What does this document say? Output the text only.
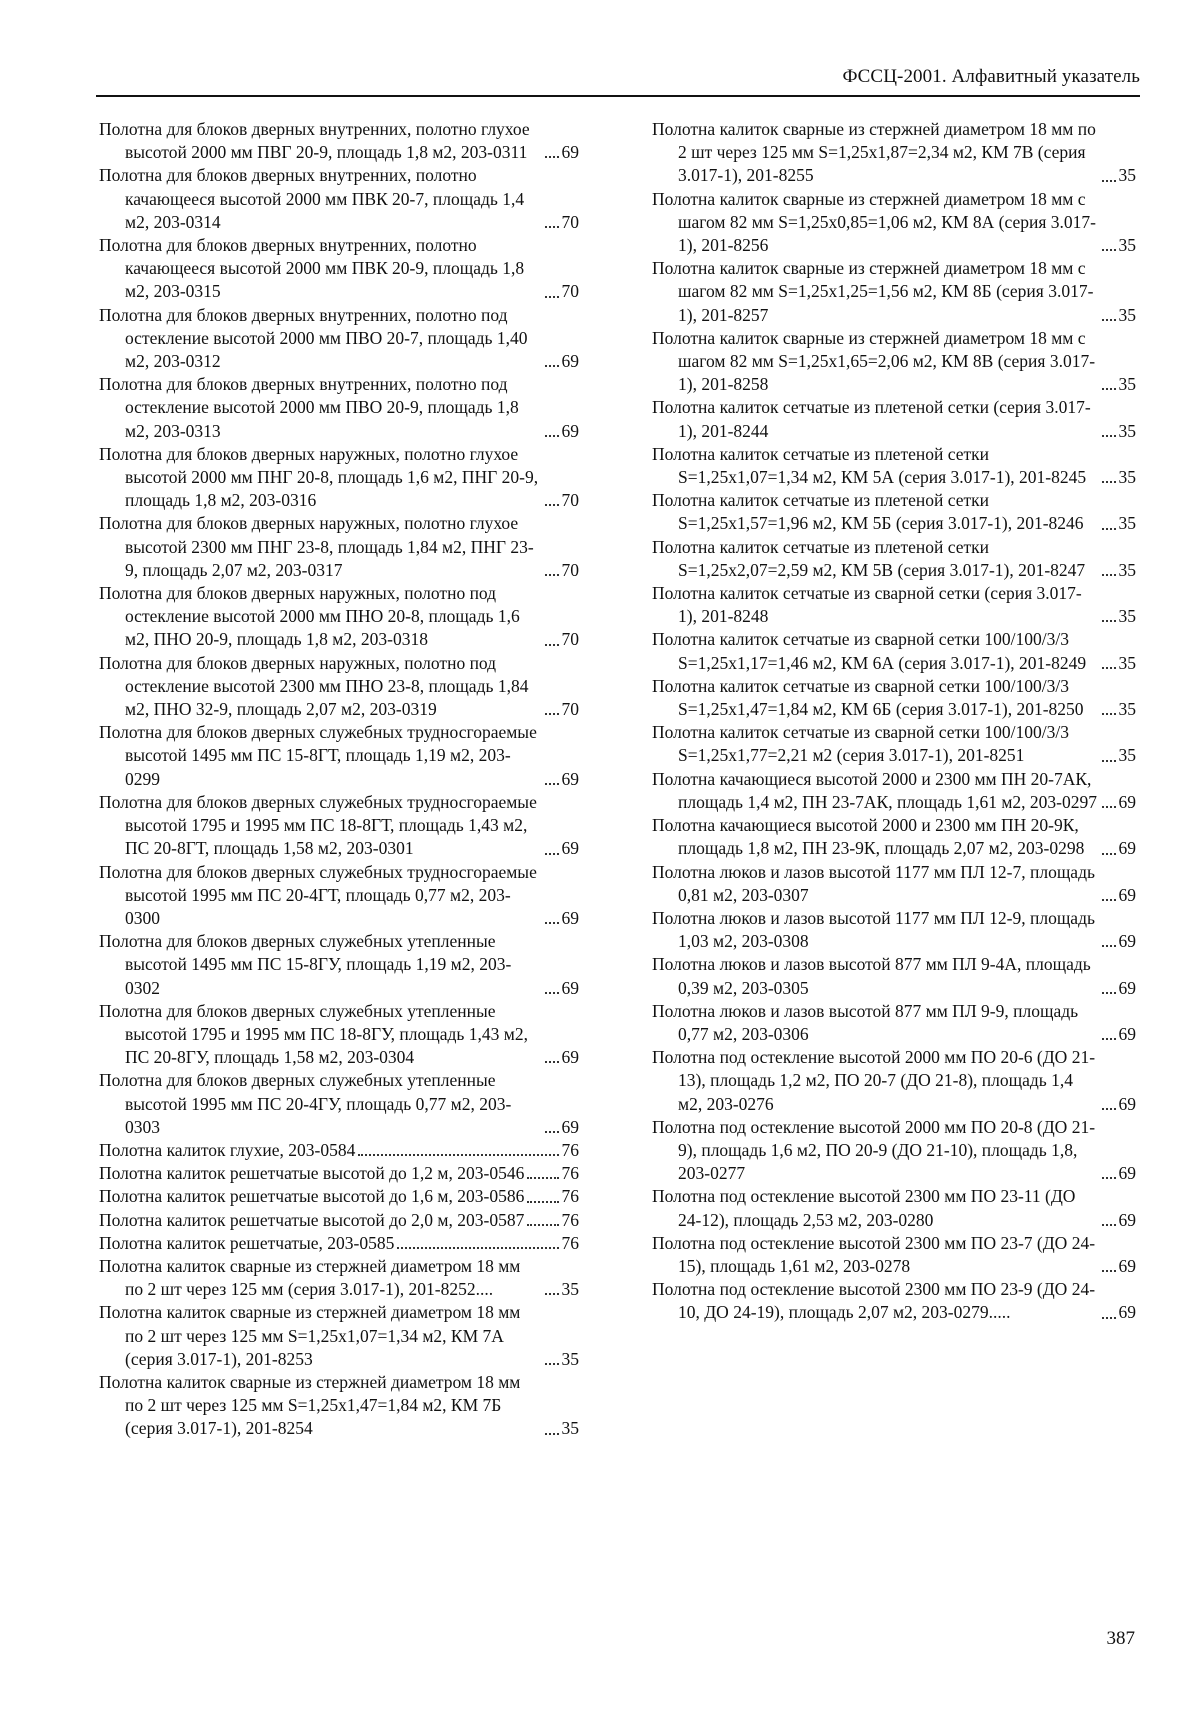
ФССЦ-2001. Алфавитный указатель
Полотна для блоков дверных внутренних, полотно глухое высотой 2000 мм ПВГ 20-9, площадь 1,8 м2, 203-0311	69
Полотна для блоков дверных внутренних, полотно качающееся высотой 2000 мм ПВК 20-7, площадь 1,4 м2, 203-0314	70
Полотна для блоков дверных внутренних, полотно качающееся высотой 2000 мм ПВК 20-9, площадь 1,8 м2, 203-0315	70
Полотна для блоков дверных внутренних, полотно под остекление высотой 2000 мм ПВО 20-7, площадь 1,40 м2, 203-0312	69
Полотна для блоков дверных внутренних, полотно под остекление высотой 2000 мм ПВО 20-9, площадь 1,8 м2, 203-0313	69
Полотна для блоков дверных наружных, полотно глухое высотой 2000 мм ПНГ 20-8, площадь 1,6 м2, ПНГ 20-9, площадь 1,8 м2, 203-0316	70
Полотна для блоков дверных наружных, полотно глухое высотой 2300 мм ПНГ 23-8, площадь 1,84 м2, ПНГ 23-9, площадь 2,07 м2, 203-0317	70
Полотна для блоков дверных наружных, полотно под остекление высотой 2000 мм ПНО 20-8, площадь 1,6 м2, ПНО 20-9, площадь 1,8 м2, 203-0318	70
Полотна для блоков дверных наружных, полотно под остекление высотой 2300 мм ПНО 23-8, площадь 1,84 м2, ПНО 32-9, площадь 2,07 м2, 203-0319	70
Полотна для блоков дверных служебных трудносгораемые высотой 1495 мм ПС 15-8ГТ, площадь 1,19 м2, 203-0299	69
Полотна для блоков дверных служебных трудносгораемые высотой 1795 и 1995 мм ПС 18-8ГТ, площадь 1,43 м2, ПС 20-8ГТ, площадь 1,58 м2, 203-0301	69
Полотна для блоков дверных служебных трудносгораемые высотой 1995 мм ПС 20-4ГТ, площадь 0,77 м2, 203-0300	69
Полотна для блоков дверных служебных утепленные высотой 1495 мм ПС 15-8ГУ, площадь 1,19 м2, 203-0302	69
Полотна для блоков дверных служебных утепленные высотой 1795 и 1995 мм ПС 18-8ГУ, площадь 1,43 м2, ПС 20-8ГУ, площадь 1,58 м2, 203-0304	69
Полотна для блоков дверных служебных утепленные высотой 1995 мм ПС 20-4ГУ, площадь 0,77 м2, 203-0303	69
Полотна калиток глухие, 203-0584	76
Полотна калиток решетчатые высотой до 1,2 м, 203-0546 76
Полотна калиток решетчатые высотой до 1,6 м, 203-0586 76
Полотна калиток решетчатые высотой до 2,0 м, 203-0587 76
Полотна калиток решетчатые, 203-0585	76
Полотна калиток сварные из стержней диаметром 18 мм по 2 шт через 125 мм (серия 3.017-1), 201-8252....	35
Полотна калиток сварные из стержней диаметром 18 мм по 2 шт через 125 мм S=1,25x1,07=1,34 м2, КМ 7А (серия 3.017-1), 201-8253	35
Полотна калиток сварные из стержней диаметром 18 мм по 2 шт через 125 мм S=1,25x1,47=1,84 м2, КМ 7Б (серия 3.017-1), 201-8254	35
Полотна калиток сварные из стержней диаметром 18 мм по 2 шт через 125 мм S=1,25x1,87=2,34 м2, КМ 7В (серия 3.017-1), 201-8255	35
Полотна калиток сварные из стержней диаметром 18 мм с шагом 82 мм S=1,25x0,85=1,06 м2, КМ 8А (серия 3.017-1), 201-8256	35
Полотна калиток сварные из стержней диаметром 18 мм с шагом 82 мм S=1,25x1,25=1,56 м2, КМ 8Б (серия 3.017-1), 201-8257	35
Полотна калиток сварные из стержней диаметром 18 мм с шагом 82 мм S=1,25x1,65=2,06 м2, КМ 8В (серия 3.017-1), 201-8258	35
Полотна калиток сетчатые из плетеной сетки (серия 3.017-1), 201-8244	35
Полотна калиток сетчатые из плетеной сетки S=1,25x1,07=1,34 м2, КМ 5А (серия 3.017-1), 201-8245	35
Полотна калиток сетчатые из плетеной сетки S=1,25x1,57=1,96 м2, КМ 5Б (серия 3.017-1), 201-8246	35
Полотна калиток сетчатые из плетеной сетки S=1,25x2,07=2,59 м2, КМ 5В (серия 3.017-1), 201-8247	35
Полотна калиток сетчатые из сварной сетки (серия 3.017-1), 201-8248	35
Полотна калиток сетчатые из сварной сетки 100/100/3/3 S=1,25x1,17=1,46 м2, КМ 6А (серия 3.017-1), 201-8249	35
Полотна калиток сетчатые из сварной сетки 100/100/3/3 S=1,25x1,47=1,84 м2, КМ 6Б (серия 3.017-1), 201-8250	35
Полотна калиток сетчатые из сварной сетки 100/100/3/3 S=1,25x1,77=2,21 м2 (серия 3.017-1), 201-8251	35
Полотна качающиеся высотой 2000 и 2300 мм ПН 20-7АК, площадь 1,4 м2, ПН 23-7АК, площадь 1,61 м2, 203-0297 69
Полотна качающиеся высотой 2000 и 2300 мм ПН 20-9К, площадь 1,8 м2, ПН 23-9К, площадь 2,07 м2, 203-0298	69
Полотна люков и лазов высотой 1177 мм ПЛ 12-7, площадь 0,81 м2, 203-0307	69
Полотна люков и лазов высотой 1177 мм ПЛ 12-9, площадь 1,03 м2, 203-0308	69
Полотна люков и лазов высотой 877 мм ПЛ 9-4А, площадь 0,39 м2, 203-0305	69
Полотна люков и лазов высотой 877 мм ПЛ 9-9, площадь 0,77 м2, 203-0306	69
Полотна под остекление высотой 2000 мм ПО 20-6 (ДО 21-13), площадь 1,2 м2, ПО 20-7 (ДО 21-8), площадь 1,4 м2, 203-0276	69
Полотна под остекление высотой 2000 мм ПО 20-8 (ДО 21-9), площадь 1,6 м2, ПО 20-9 (ДО 21-10), площадь 1,8, 203-0277	69
Полотна под остекление высотой 2300 мм ПО 23-11 (ДО 24-12), площадь 2,53 м2, 203-0280	69
Полотна под остекление высотой 2300 мм ПО 23-7 (ДО 24-15), площадь 1,61 м2, 203-0278	69
Полотна под остекление высотой 2300 мм ПО 23-9 (ДО 24-10, ДО 24-19), площадь 2,07 м2, 203-0279.....	69
387
